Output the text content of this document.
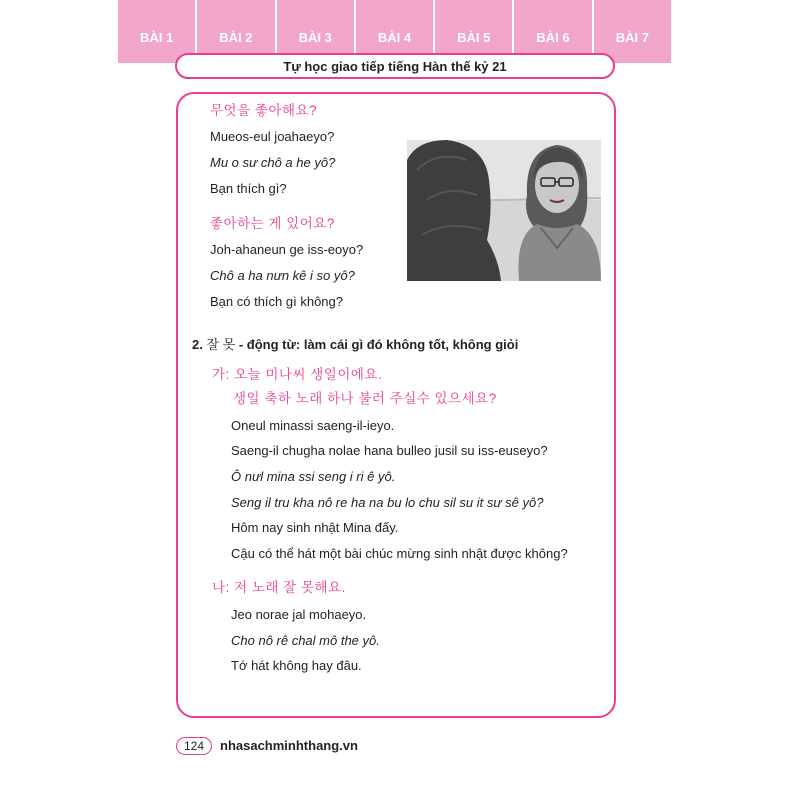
BÀI 1	BÀI 2	BÀI 3	BÀI 4	BÀI 5	BÀI 6	BÀI 7
Tự học giao tiếp tiếng Hàn thế kỷ 21
무엇을 좋아해요?
Mueos-eul joahaeyo?
Mu o sư chô a he yô?
Bạn thích gì?
좋아하는 게 있어요?
Joh-ahaneun ge iss-eoyo?
Chô a ha nưn kê i so yô?
Bạn có thích gì không?
2. 잘 못 - động từ: làm cái gì đó không tốt, không giỏi
가: 오늘 미나씨 생일이에요.
생일 축하 노래 하나 불러 주실수 있으세요?
Oneul minassi saeng-il-ieyo.
Saeng-il chugha nolae hana bulleo jusil su iss-euseyo?
Ô nưl mina ssi seng i ri ê yô.
Seng il tru kha nô re ha na bu lo chu sil su it sư sê yô?
Hôm nay sinh nhật Mina đấy.
Cậu có thể hát một bài chúc mừng sinh nhật được không?
나: 저 노래 잘 못해요.
Jeo norae jal mohaeyo.
Cho nô rê chal mô the yô.
Tớ hát không hay đâu.
124	nhasachminhthang.vn
